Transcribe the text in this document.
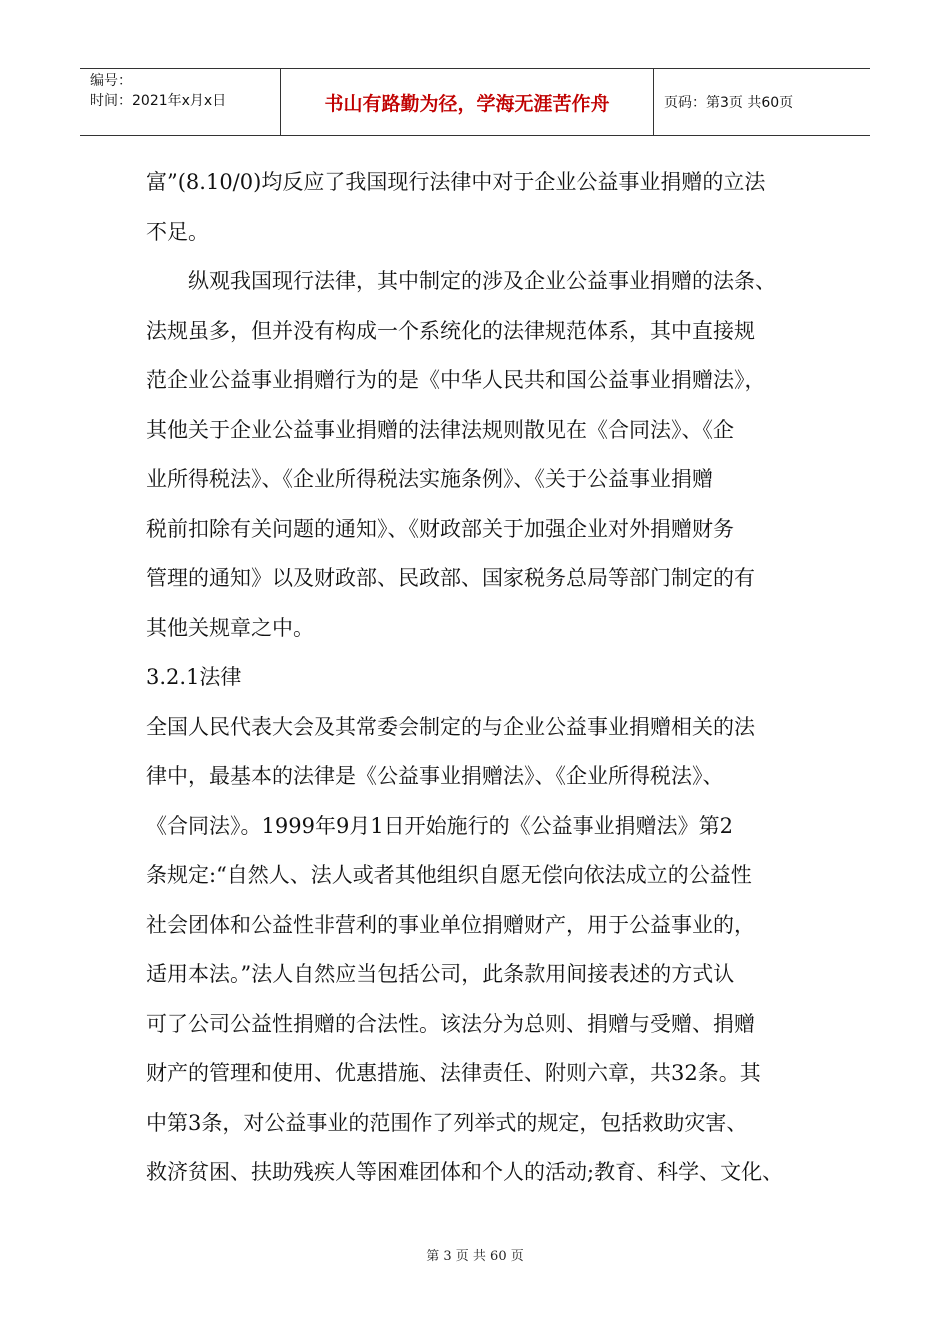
编号：
时间：2021年x月x日	书山有路勤为径，学海无涯苦作舟	页码：第3页 共60页

富”(8.10/0)均反应了我国现行法律中对于企业公益事业捐赠的立法

不足。

　　纵观我国现行法律，其中制定的涉及企业公益事业捐赠的法条、

法规虽多，但并没有构成一个系统化的法律规范体系，其中直接规

范企业公益事业捐赠行为的是《中华人民共和国公益事业捐赠法》，

其他关于企业公益事业捐赠的法律法规则散见在《合同法》、《企

业所得税法》、《企业所得税法实施条例》、《关于公益事业捐赠

税前扣除有关问题的通知》、《财政部关于加强企业对外捐赠财务

管理的通知》以及财政部、民政部、国家税务总局等部门制定的有

其他关规章之中。

3.2.1法律

全国人民代表大会及其常委会制定的与企业公益事业捐赠相关的法

律中，最基本的法律是《公益事业捐赠法》、《企业所得税法》、

《合同法》。1999年9月1日开始施行的《公益事业捐赠法》第2

条规定:“自然人、法人或者其他组织自愿无偿向依法成立的公益性

社会团体和公益性非营利的事业单位捐赠财产，用于公益事业的，

适用本法。”法人自然应当包括公司，此条款用间接表述的方式认

可了公司公益性捐赠的合法性。该法分为总则、捐赠与受赠、捐赠

财产的管理和使用、优惠措施、法律责任、附则六章，共32条。其

中第3条，对公益事业的范围作了列举式的规定，包括救助灾害、

救济贫困、扶助残疾人等困难团体和个人的活动;教育、科学、文化、

第 3 页 共 60 页
